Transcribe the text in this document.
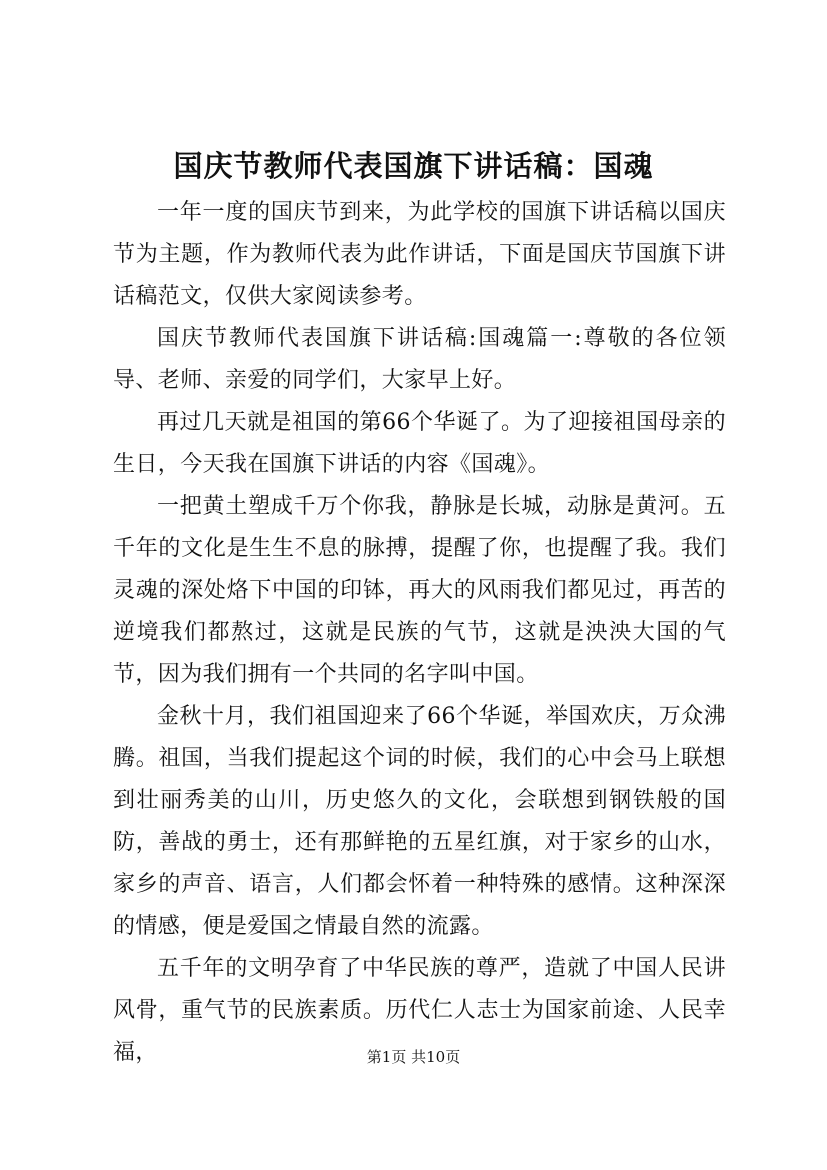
国庆节教师代表国旗下讲话稿：国魂

一年一度的国庆节到来，为此学校的国旗下讲话稿以国庆节为主题，作为教师代表为此作讲话，下面是国庆节国旗下讲话稿范文，仅供大家阅读参考。

国庆节教师代表国旗下讲话稿:国魂篇一:尊敬的各位领导、老师、亲爱的同学们，大家早上好。

再过几天就是祖国的第66个华诞了。为了迎接祖国母亲的生日，今天我在国旗下讲话的内容《国魂》。

一把黄土塑成千万个你我，静脉是长城，动脉是黄河。五千年的文化是生生不息的脉搏，提醒了你，也提醒了我。我们灵魂的深处烙下中国的印钵，再大的风雨我们都见过，再苦的逆境我们都熬过，这就是民族的气节，这就是泱泱大国的气节，因为我们拥有一个共同的名字叫中国。

金秋十月，我们祖国迎来了66个华诞，举国欢庆，万众沸腾。祖国，当我们提起这个词的时候，我们的心中会马上联想到壮丽秀美的山川，历史悠久的文化，会联想到钢铁般的国防，善战的勇士，还有那鲜艳的五星红旗，对于家乡的山水，家乡的声音、语言，人们都会怀着一种特殊的感情。这种深深的情感，便是爱国之情最自然的流露。

五千年的文明孕育了中华民族的尊严，造就了中国人民讲风骨，重气节的民族素质。历代仁人志士为国家前途、人民幸福，	第1页 共10页
